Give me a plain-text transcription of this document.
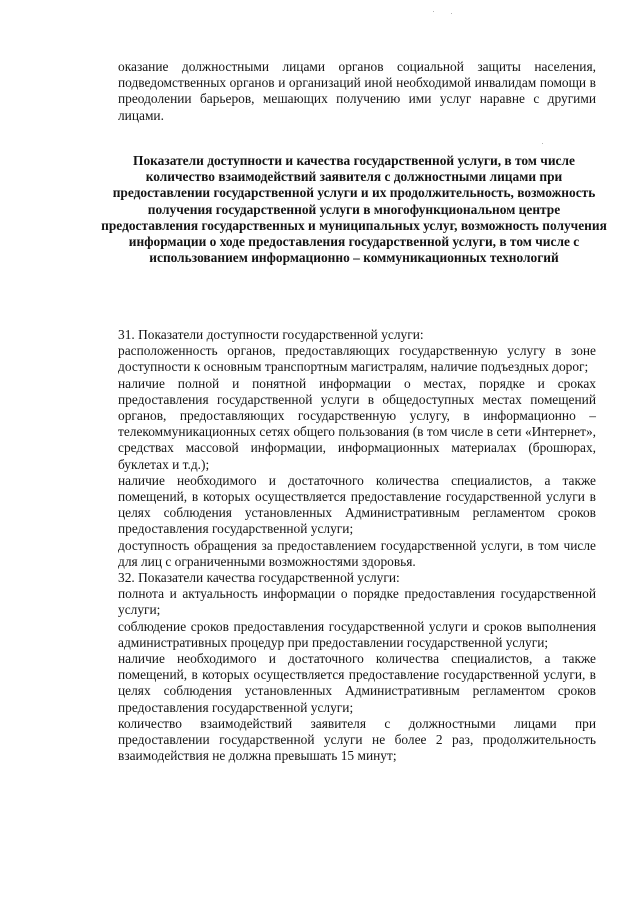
оказание должностными лицами органов социальной защиты населения, подведомственных органов и организаций иной необходимой инвалидам помощи в преодолении барьеров, мешающих получению ими услуг наравне с другими лицами.

Показатели доступности и качества государственной услуги, в том числе количество взаимодействий заявителя с должностными лицами при предоставлении государственной услуги и их продолжительность, возможность получения государственной услуги в многофункциональном центре предоставления государственных и муниципальных услуг, возможность получения информации о ходе предоставления государственной услуги, в том числе с использованием информационно – коммуникационных технологий

31. Показатели доступности государственной услуги:

расположенность органов, предоставляющих государственную услугу в зоне доступности к основным транспортным магистралям, наличие подъездных дорог;

наличие полной и понятной информации о местах, порядке и сроках предоставления государственной услуги в общедоступных местах помещений органов, предоставляющих государственную услугу, в информационно – телекоммуникационных сетях общего пользования (в том числе в сети «Интернет», средствах массовой информации, информационных материалах (брошюрах, буклетах и т.д.);

наличие необходимого и достаточного количества специалистов, а также помещений, в которых осуществляется предоставление государственной услуги в целях соблюдения установленных Административным регламентом сроков предоставления государственной услуги;

доступность обращения за предоставлением государственной услуги, в том числе для лиц с ограниченными возможностями здоровья.

32. Показатели качества государственной услуги:

полнота и актуальность информации о порядке предоставления государственной услуги;

соблюдение сроков предоставления государственной услуги и сроков выполнения административных процедур при предоставлении государственной услуги;

наличие необходимого и достаточного количества специалистов, а также помещений, в которых осуществляется предоставление государственной услуги, в целях соблюдения установленных Административным регламентом сроков предоставления государственной услуги;

количество взаимодействий заявителя с должностными лицами при предоставлении государственной услуги не более 2 раз, продолжительность взаимодействия не должна превышать 15 минут;
